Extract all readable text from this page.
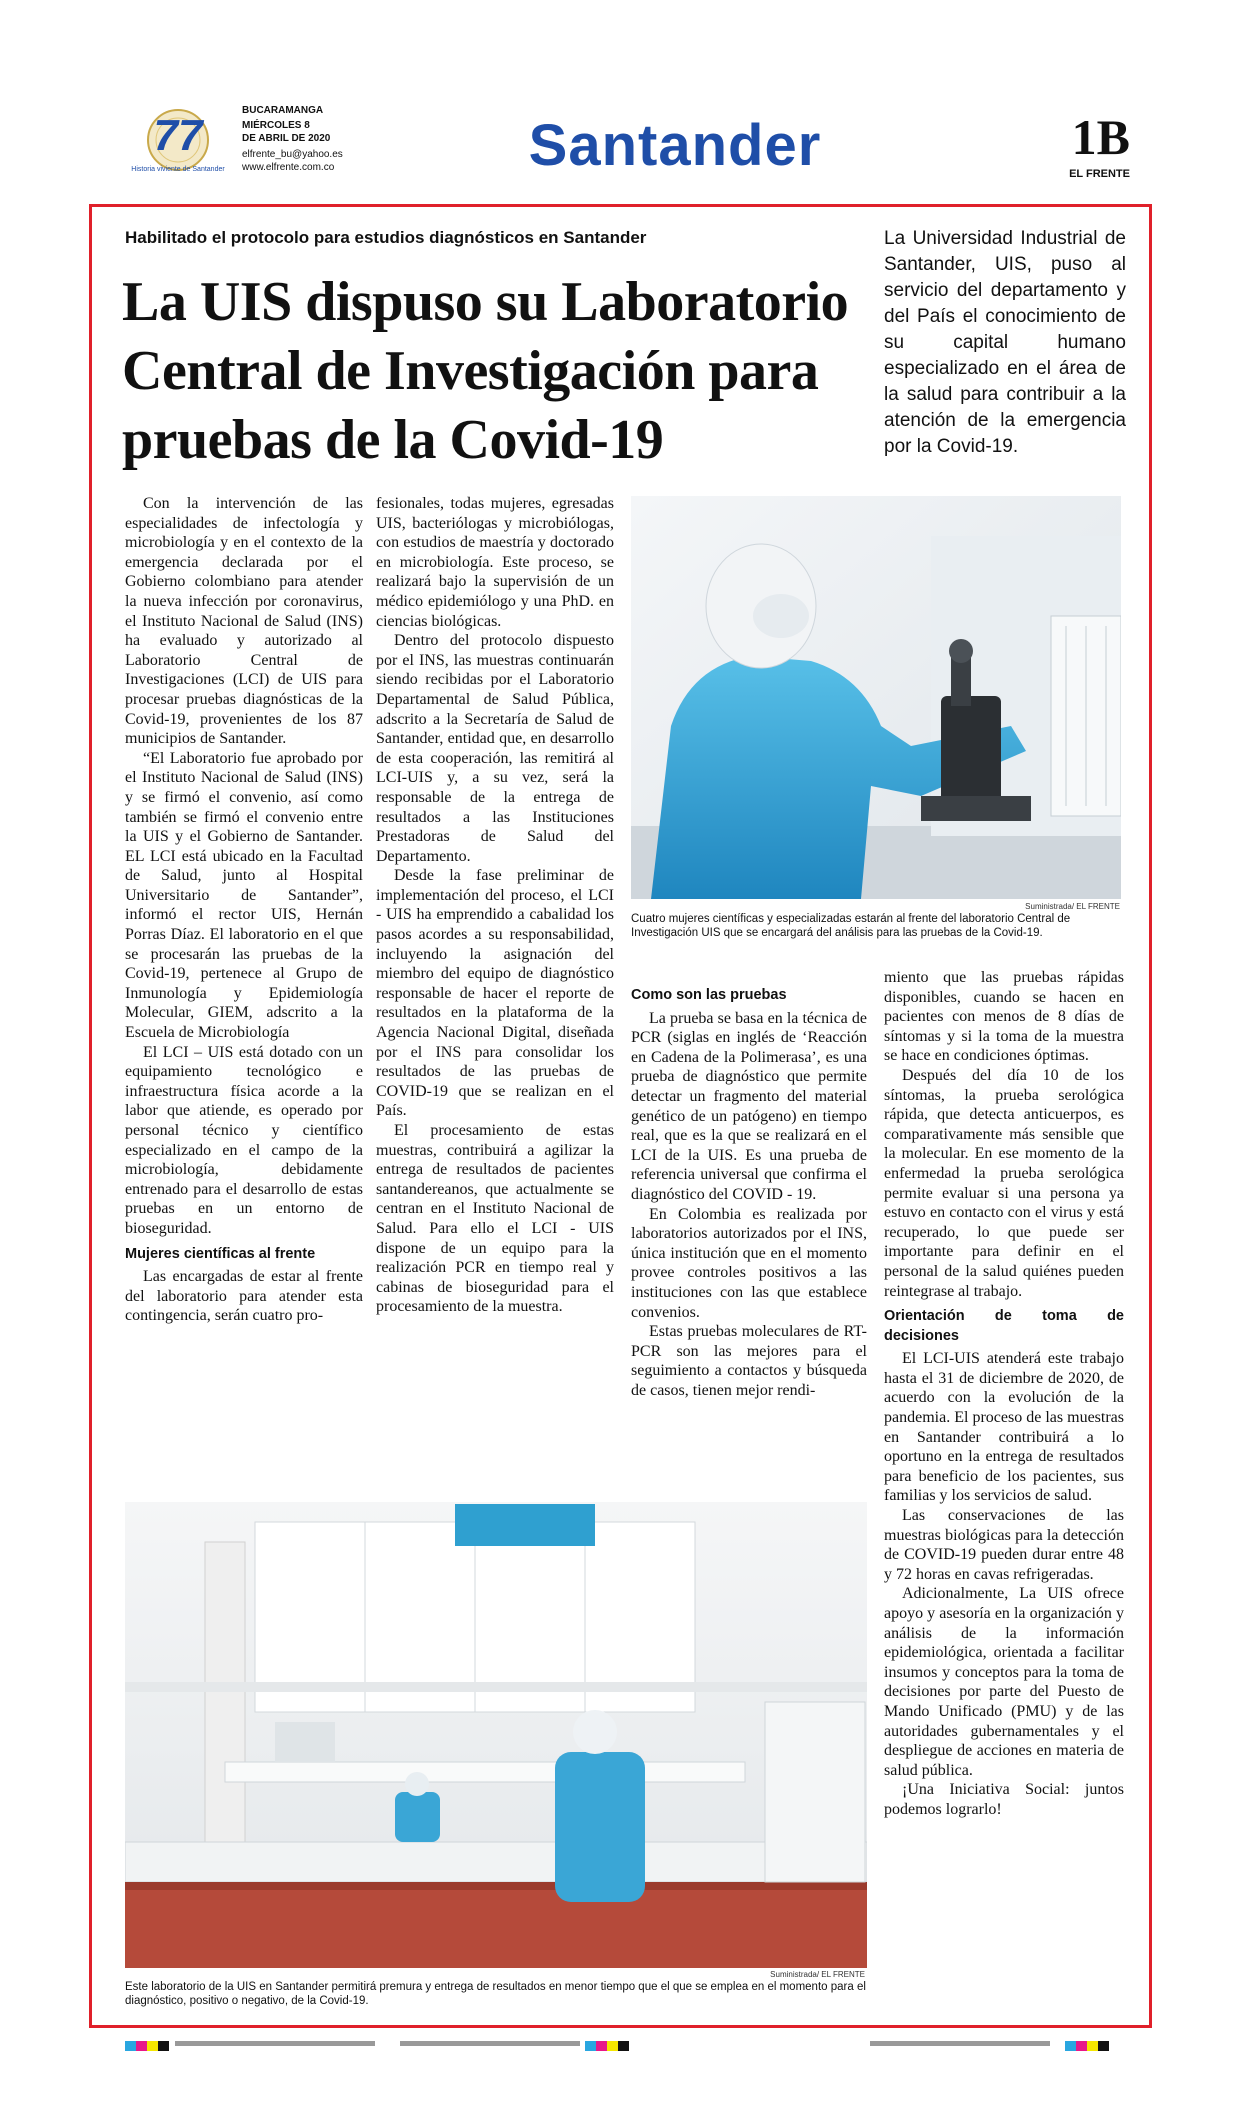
77
Historia viviente de Santander
BUCARAMANGA
MIÉRCOLES 8
DE ABRIL DE 2020
elfrente_bu@yahoo.es
www.elfrente.com.co	Santander	1B
EL FRENTE
Habilitado el protocolo para estudios diagnósticos en Santander
La UIS dispuso su Laboratorio Central de Investigación para pruebas de la Covid-19
La Universidad Industrial de Santander, UIS, puso al servicio del departamento y del País el conocimiento de su capital humano especializado en el área de la salud para contribuir a la atención de la emergencia por la Covid-19.

Con la intervención de las especialidades de infectología y microbiología y en el contexto de la emergencia declarada por el Gobierno colombiano para atender la nueva infección por coronavirus, el Instituto Nacional de Salud (INS) ha evaluado y autorizado al Laboratorio Central de Investigaciones (LCI) de UIS para procesar pruebas diagnósticas de la Covid-19, provenientes de los 87 municipios de Santander.

“El Laboratorio fue aprobado por el Instituto Nacional de Salud (INS) y se firmó el convenio, así como también se firmó el convenio entre la UIS y el Gobierno de Santander. EL LCI está ubicado en la Facultad de Salud, junto al Hospital Universitario de Santander”, informó el rector UIS, Hernán Porras Díaz. El laboratorio en el que se procesarán las pruebas de la Covid-19, pertenece al Grupo de Inmunología y Epidemiología Molecular, GIEM, adscrito a la Escuela de Microbiología

El LCI – UIS está dotado con un equipamiento tecnológico e infraestructura física acorde a la labor que atiende, es operado por personal técnico y científico especializado en el campo de la microbiología, debidamente entrenado para el desarrollo de estas pruebas en un entorno de bioseguridad.

Mujeres científicas al frente

Las encargadas de estar al frente del laboratorio para atender esta contingencia, serán cuatro pro-

fesionales, todas mujeres, egresadas UIS, bacteriólogas y microbiólogas, con estudios de maestría y doctorado en microbiología. Este proceso, se realizará bajo la supervisión de un médico epidemiólogo y una PhD. en ciencias biológicas.

Dentro del protocolo dispuesto por el INS, las muestras continuarán siendo recibidas por el Laboratorio Departamental de Salud Pública, adscrito a la Secretaría de Salud de Santander, entidad que, en desarrollo de esta cooperación, las remitirá al LCI-UIS y, a su vez, será la responsable de la entrega de resultados a las Instituciones Prestadoras de Salud del Departamento.

Desde la fase preliminar de implementación del proceso, el LCI - UIS ha emprendido a cabalidad los pasos acordes a su responsabilidad, incluyendo la asignación del miembro del equipo de diagnóstico responsable de hacer el reporte de resultados en la plataforma de la Agencia Nacional Digital, diseñada por el INS para consolidar los resultados de las pruebas de COVID-19 que se realizan en el País.

El procesamiento de estas muestras, contribuirá a agilizar la entrega de resultados de pacientes santandereanos, que actualmente se centran en el Instituto Nacional de Salud. Para ello el LCI - UIS dispone de un equipo para la realización PCR en tiempo real y cabinas de bioseguridad para el procesamiento de la muestra.

Suministrada/ EL FRENTE
Cuatro mujeres científicas y especializadas estarán al frente del laboratorio Central de Investigación UIS que se encargará del análisis para las pruebas de la Covid-19.
Como son las pruebas

La prueba se basa en la técnica de PCR (siglas en inglés de ‘Reacción en Cadena de la Polimerasa’, es una prueba de diagnóstico que permite detectar un fragmento del material genético de un patógeno) en tiempo real, que es la que se realizará en el LCI de la UIS. Es una prueba de referencia universal que confirma el diagnóstico del COVID - 19.

En Colombia es realizada por laboratorios autorizados por el INS, única institución que en el momento provee controles positivos a las instituciones con las que establece convenios.

Estas pruebas moleculares de RT- PCR son las mejores para el seguimiento a contactos y búsqueda de casos, tienen mejor rendi-

miento que las pruebas rápidas disponibles, cuando se hacen en pacientes con menos de 8 días de síntomas y si la toma de la muestra se hace en condiciones óptimas.

Después del día 10 de los síntomas, la prueba serológica rápida, que detecta anticuerpos, es comparativamente más sensible que la molecular. En ese momento de la enfermedad la prueba serológica permite evaluar si una persona ya estuvo en contacto con el virus y está recuperado, lo que puede ser importante para definir en el personal de la salud quiénes pueden reintegrase al trabajo.

Orientación de toma de decisiones

El LCI-UIS atenderá este trabajo hasta el 31 de diciembre de 2020, de acuerdo con la evolución de la pandemia. El proceso de las muestras en Santander contribuirá a lo oportuno en la entrega de resultados para beneficio de los pacientes, sus familias y los servicios de salud.

Las conservaciones de las muestras biológicas para la detección de COVID-19 pueden durar entre 48 y 72 horas en cavas refrigeradas.

Adicionalmente, La UIS ofrece apoyo y asesoría en la organización y análisis de la información epidemiológica, orientada a facilitar insumos y conceptos para la toma de decisiones por parte del Puesto de Mando Unificado (PMU) y de las autoridades gubernamentales y el despliegue de acciones en materia de salud pública.

¡Una Iniciativa Social: juntos podemos lograrlo!

Suministrada/ EL FRENTE
Este laboratorio de la UIS en Santander permitirá premura y entrega de resultados en menor tiempo que el que se emplea en el momento para el diagnóstico, positivo o negativo, de la Covid-19.
